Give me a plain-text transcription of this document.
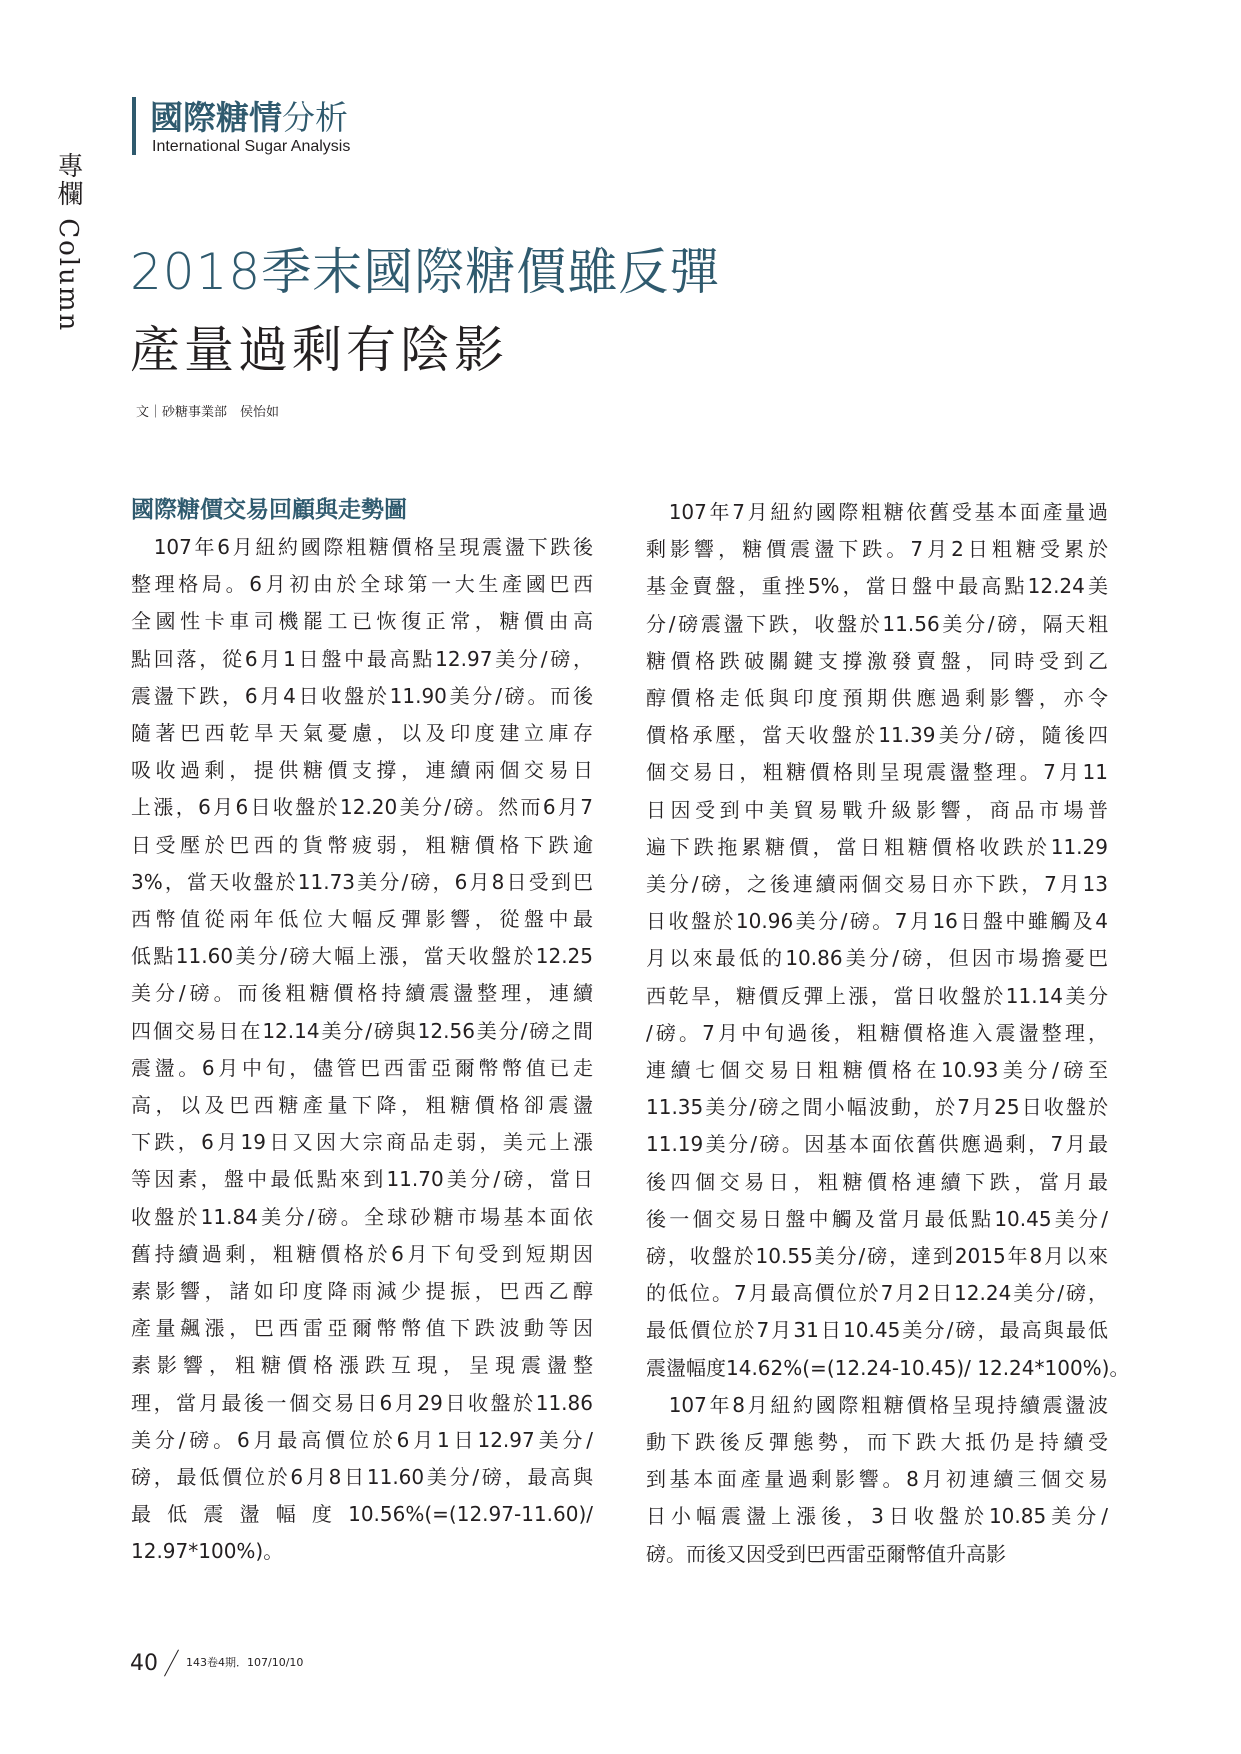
專欄 Column
國際糖情分析
International Sugar Analysis
2018季末國際糖價雖反彈
產量過剩有陰影
文｜砂糖事業部　侯怡如
國際糖價交易回顧與走勢圖
　107年6月紐約國際粗糖價格呈現震盪下跌後
整理格局。6月初由於全球第一大生產國巴西
全國性卡車司機罷工已恢復正常，糖價由高
點回落，從6月1日盤中最高點12.97美分/磅，
震盪下跌，6月4日收盤於11.90美分/磅。而後
隨著巴西乾旱天氣憂慮，以及印度建立庫存
吸收過剩，提供糖價支撐，連續兩個交易日
上漲，6月6日收盤於12.20美分/磅。然而6月7
日受壓於巴西的貨幣疲弱，粗糖價格下跌逾
3%，當天收盤於11.73美分/磅，6月8日受到巴
西幣值從兩年低位大幅反彈影響，從盤中最
低點11.60美分/磅大幅上漲，當天收盤於12.25
美分/磅。而後粗糖價格持續震盪整理，連續
四個交易日在12.14美分/磅與12.56美分/磅之間
震盪。6月中旬，儘管巴西雷亞爾幣幣值已走
高，以及巴西糖產量下降，粗糖價格卻震盪
下跌，6月19日又因大宗商品走弱，美元上漲
等因素，盤中最低點來到11.70美分/磅，當日
收盤於11.84美分/磅。全球砂糖市場基本面依
舊持續過剩，粗糖價格於6月下旬受到短期因
素影響，諸如印度降雨減少提振，巴西乙醇
產量飆漲，巴西雷亞爾幣幣值下跌波動等因
素影響，粗糖價格漲跌互現，呈現震盪整
理，當月最後一個交易日6月29日收盤於11.86
美分/磅。6月最高價位於6月1日12.97美分/
磅，最低價位於6月8日11.60美分/磅，最高與
最低震盪幅度10.56%(=(12.97-11.60)/
12.97*100%)。
　107年7月紐約國際粗糖依舊受基本面產量過
剩影響，糖價震盪下跌。7月2日粗糖受累於
基金賣盤，重挫5%，當日盤中最高點12.24美
分/磅震盪下跌，收盤於11.56美分/磅，隔天粗
糖價格跌破關鍵支撐激發賣盤，同時受到乙
醇價格走低與印度預期供應過剩影響，亦令
價格承壓，當天收盤於11.39美分/磅，隨後四
個交易日，粗糖價格則呈現震盪整理。7月11
日因受到中美貿易戰升級影響，商品市場普
遍下跌拖累糖價，當日粗糖價格收跌於11.29
美分/磅，之後連續兩個交易日亦下跌，7月13
日收盤於10.96美分/磅。7月16日盤中雖觸及4
月以來最低的10.86美分/磅，但因市場擔憂巴
西乾旱，糖價反彈上漲，當日收盤於11.14美分
/磅。7月中旬過後，粗糖價格進入震盪整理，
連續七個交易日粗糖價格在10.93美分/磅至
11.35美分/磅之間小幅波動，於7月25日收盤於
11.19美分/磅。因基本面依舊供應過剩，7月最
後四個交易日，粗糖價格連續下跌，當月最
後一個交易日盤中觸及當月最低點10.45美分/
磅，收盤於10.55美分/磅，達到2015年8月以來
的低位。7月最高價位於7月2日12.24美分/磅，
最低價位於7月31日10.45美分/磅，最高與最低
震盪幅度14.62%(=(12.24-10.45)/ 12.24*100%)。
　107年8月紐約國際粗糖價格呈現持續震盪波
動下跌後反彈態勢，而下跌大抵仍是持續受
到基本面產量過剩影響。8月初連續三個交易
日小幅震盪上漲後，3日收盤於10.85美分/
磅。而後又因受到巴西雷亞爾幣值升高影
40	143卷4期．107/10/10
